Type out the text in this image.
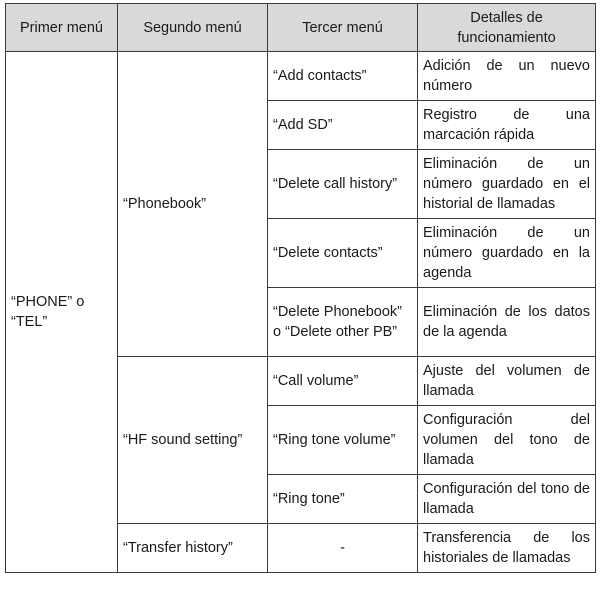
Primer menú	Segundo menú	Tercer menú	Detalles de funcionamiento
“PHONE” o “TEL”	“Phonebook”	“Add contacts”	Adición de un nuevo número
		“Add SD”	Registro de una marcación rápida
		“Delete call history”	Eliminación de un número guardado en el historial de llamadas
		“Delete contacts”	Eliminación de un número guardado en la agenda
		“Delete Phonebook” o “Delete other PB”	Eliminación de los datos de la agenda
	“HF sound setting”	“Call volume”	Ajuste del volumen de llamada
		“Ring tone volume”	Configuración del volumen del tono de llamada
		“Ring tone”	Configuración del tono de llamada
	“Transfer history”	-	Transferencia de los historiales de llamadas
